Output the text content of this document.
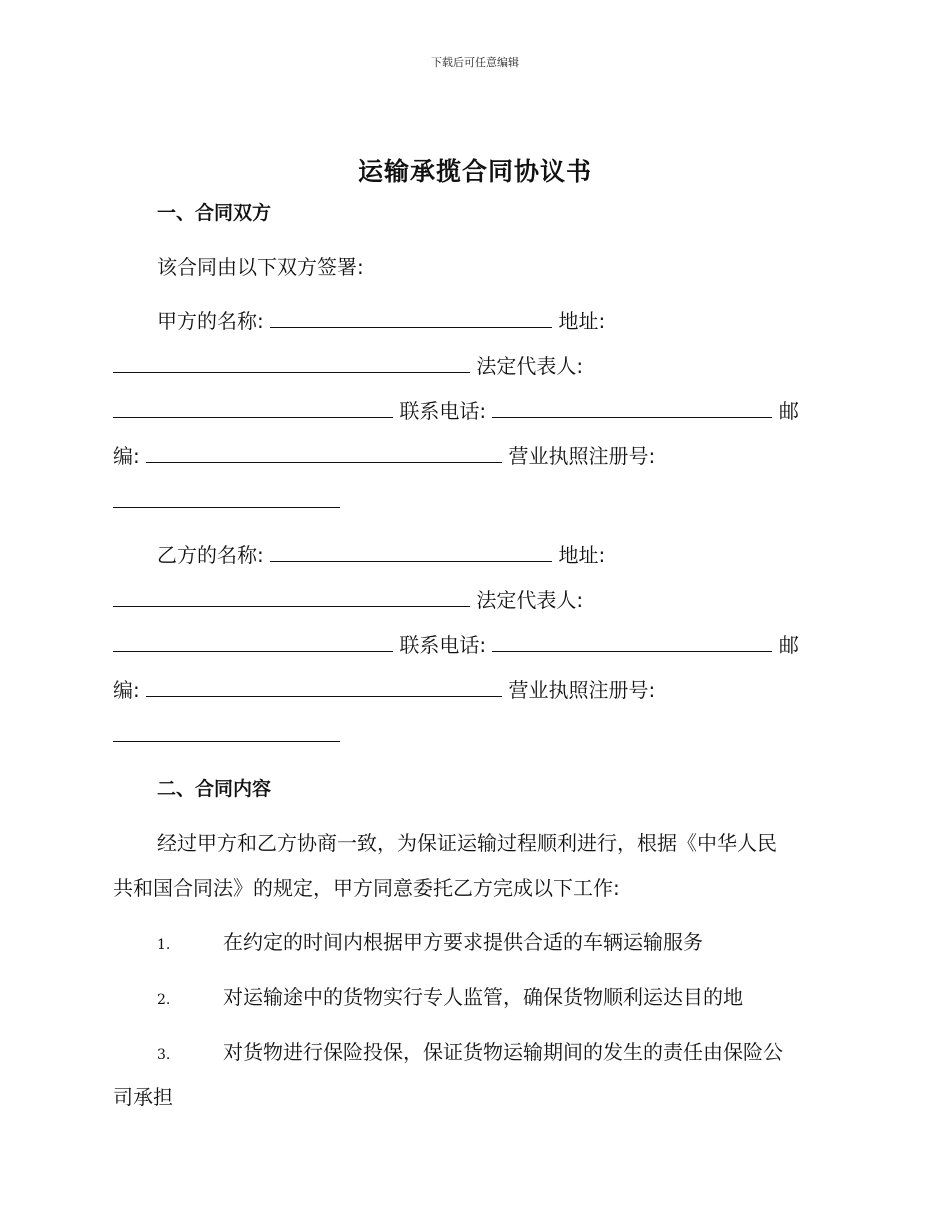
下载后可任意编辑
运输承揽合同协议书
一、合同双方
该合同由以下双方签署:
甲方的名称:	地址:
法定代表人:
联系电话:	邮
编:	营业执照注册号:
乙方的名称:	地址:
法定代表人:
联系电话:	邮
编:	营业执照注册号:
二、合同内容
经过甲方和乙方协商一致，为保证运输过程顺利进行，根据《中华人民
共和国合同法》的规定，甲方同意委托乙方完成以下工作:
1.	在约定的时间内根据甲方要求提供合适的车辆运输服务
2.	对运输途中的货物实行专人监管，确保货物顺利运达目的地
3.	对货物进行保险投保，保证货物运输期间的发生的责任由保险公
司承担
